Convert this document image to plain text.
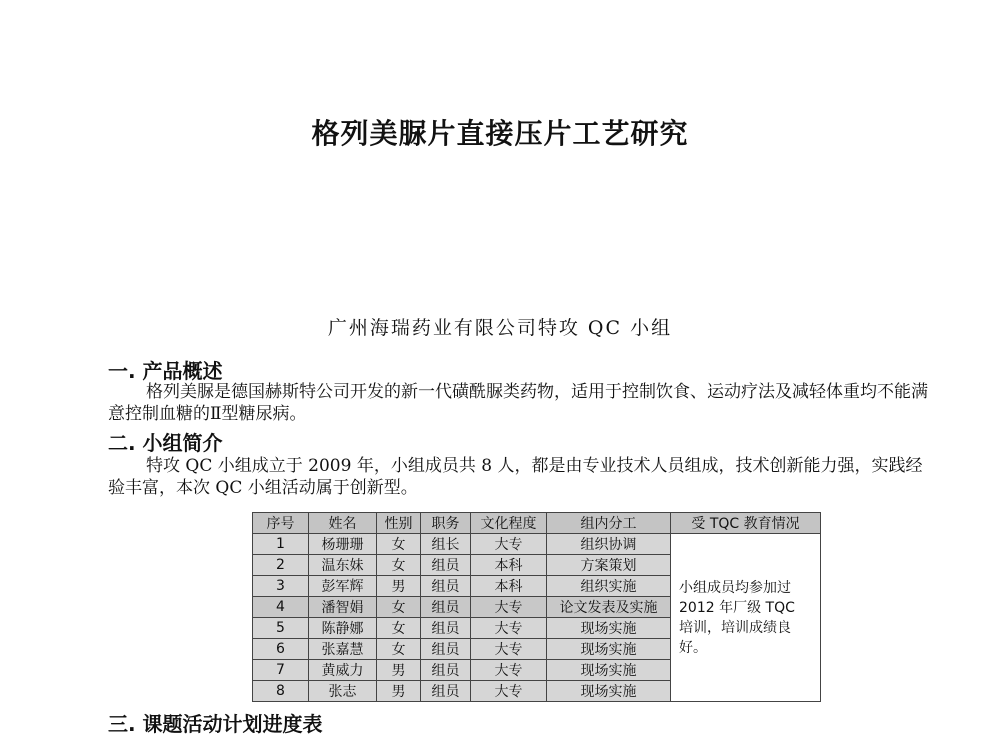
格列美脲片直接压片工艺研究
广州海瑞药业有限公司特攻 QC 小组
一. 产品概述

格列美脲是德国赫斯特公司开发的新一代磺酰脲类药物，适用于控制饮食、运动疗法及减轻体重均不能满意控制血糖的Ⅱ型糖尿病。

二. 小组简介

特攻 QC 小组成立于 2009 年，小组成员共 8 人，都是由专业技术人员组成，技术创新能力强，实践经验丰富，本次 QC 小组活动属于创新型。

序号	姓名	性别	职务	文化程度	组内分工	受 TQC 教育情况
1	杨珊珊	女	组长	大专	组织协调	小组成员均参加过 2012 年厂级 TQC 培训，培训成绩良好。
2	温东妹	女	组员	本科	方案策划	
3	彭军辉	男	组员	本科	组织实施	
4	潘智娟	女	组员	大专	论文发表及实施	
5	陈静娜	女	组员	大专	现场实施	
6	张嘉慧	女	组员	大专	现场实施	
7	黄威力	男	组员	大专	现场实施	
8	张志	男	组员	大专	现场实施	
三. 课题活动计划进度表
